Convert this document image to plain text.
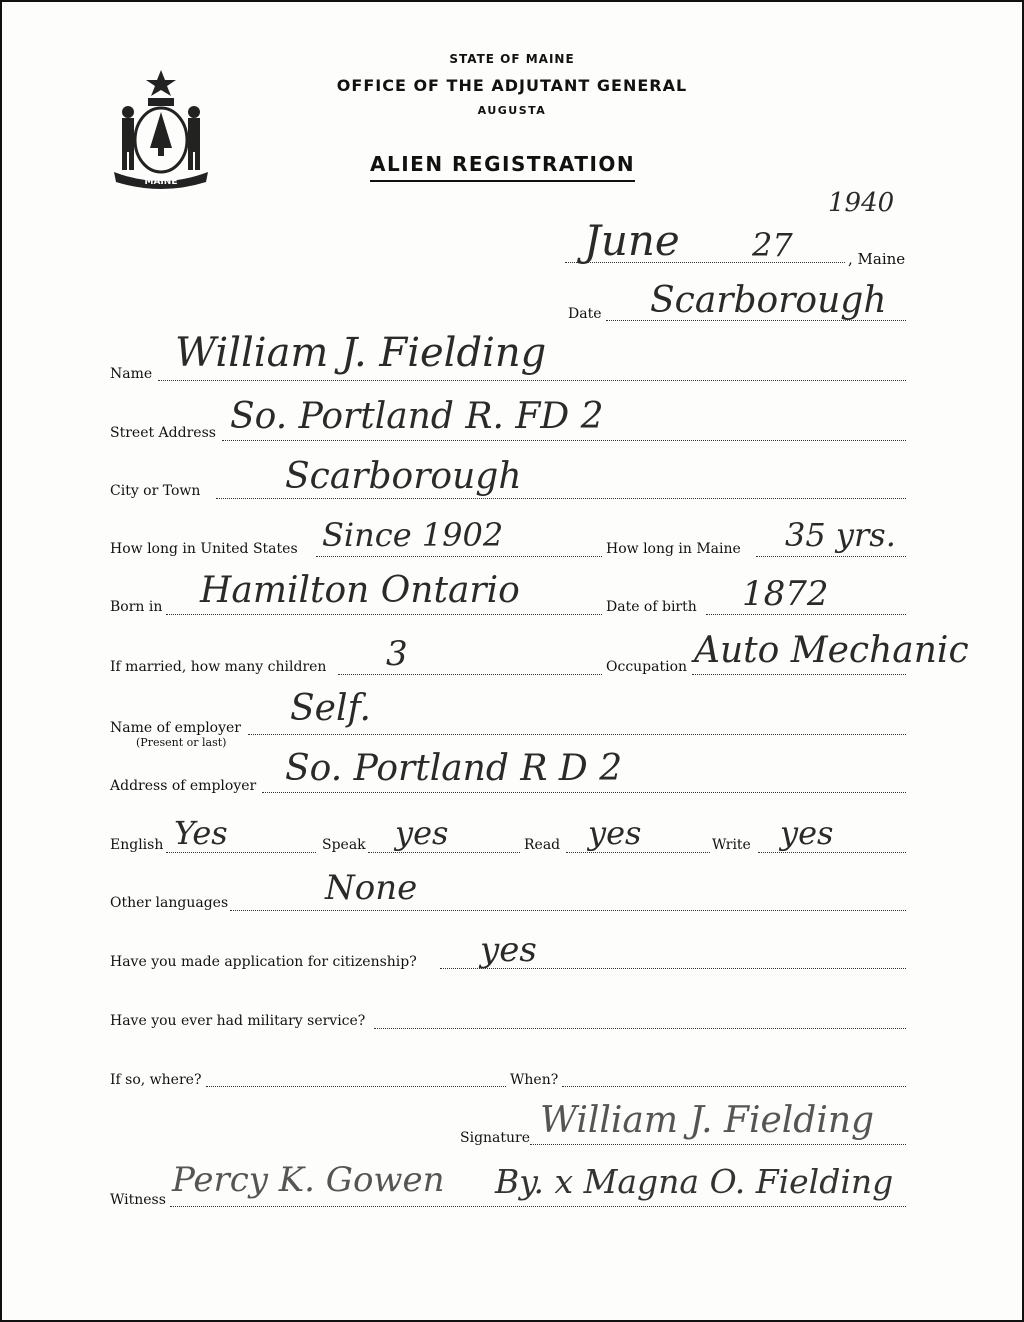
MAINE
STATE OF MAINE
OFFICE OF THE ADJUTANT GENERAL
AUGUSTA
ALIEN REGISTRATION
1940
June 27	, Maine
Date Scarborough
Name William J. Fielding
Street Address So. Portland R. FD 2
City or Town Scarborough
How long in United States Since 1902	How long in Maine 35 yrs.
Born in Hamilton Ontario	Date of birth 1872
If married, how many children 3	Occupation Auto Mechanic
Name of employer
(Present or last)
Self.
Address of employer So. Portland R D 2
English Yes	Speak yes	Read yes	Write yes
Other languages	None
Have you made application for citizenship? yes
Have you ever had military service?
If so, where?	When?
Signature William J. Fielding
Witness Percy K. Gowen By. x Magna O. Fielding
